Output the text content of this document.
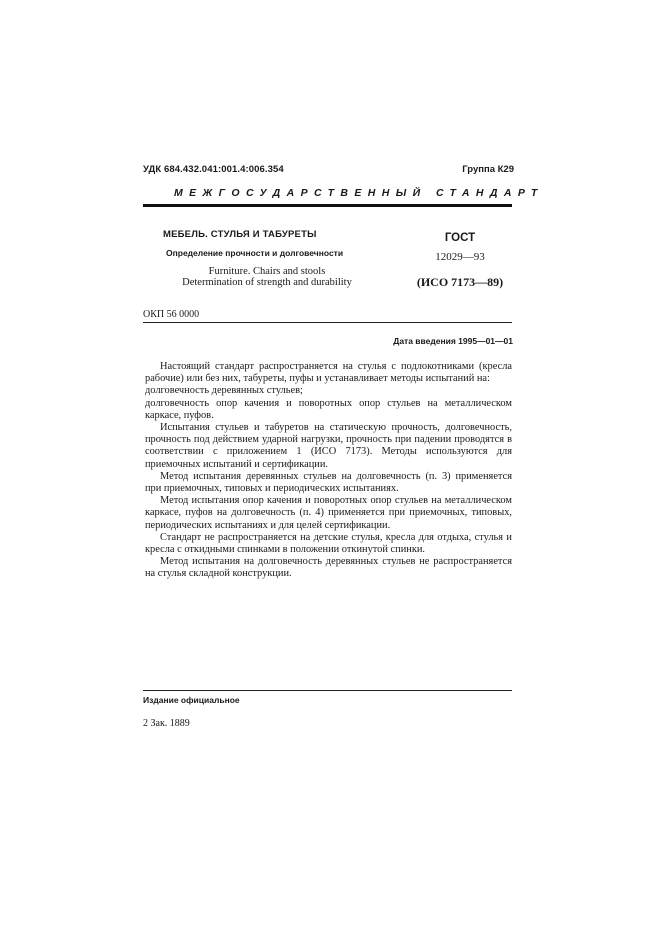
УДК 684.432.041:001.4:006.354	Группа К29
МЕЖГОСУДАРСТВЕННЫЙ СТАНДАРТ
МЕБЕЛЬ. СТУЛЬЯ И ТАБУРЕТЫ
Определение прочности и долговечности
Furniture. Chairs and stools
Determination of strength and durability
ГОСТ
12029—93
(ИСО 7173—89)
ОКП 56 0000
Дата введения 1995—01—01

Настоящий стандарт распространяется на стулья с подлокотниками (кресла рабочие) или без них, табуреты, пуфы и устанавливает методы испытаний на:

долговечность деревянных стульев;

долговечность опор качения и поворотных опор стульев на металлическом каркасе, пуфов.

Испытания стульев и табуретов на статическую прочность, долговечность, прочность под действием ударной нагрузки, прочность при падении проводятся в соответствии с приложением 1 (ИСО 7173). Методы используются для приемочных испытаний и сертификации.

Метод испытания деревянных стульев на долговечность (п. 3) применяется при приемочных, типовых и периодических испытаниях.

Метод испытания опор качения и поворотных опор стульев на металлическом каркасе, пуфов на долговечность (п. 4) применяется при приемочных, типовых, периодических испытаниях и для целей сертификации.

Стандарт не распространяется на детские стулья, кресла для отдыха, стулья и кресла с откидными спинками в положении откинутой спинки.

Метод испытания на долговечность деревянных стульев не распространяется на стулья складной конструкции.

Издание официальное
2 Зак. 1889
